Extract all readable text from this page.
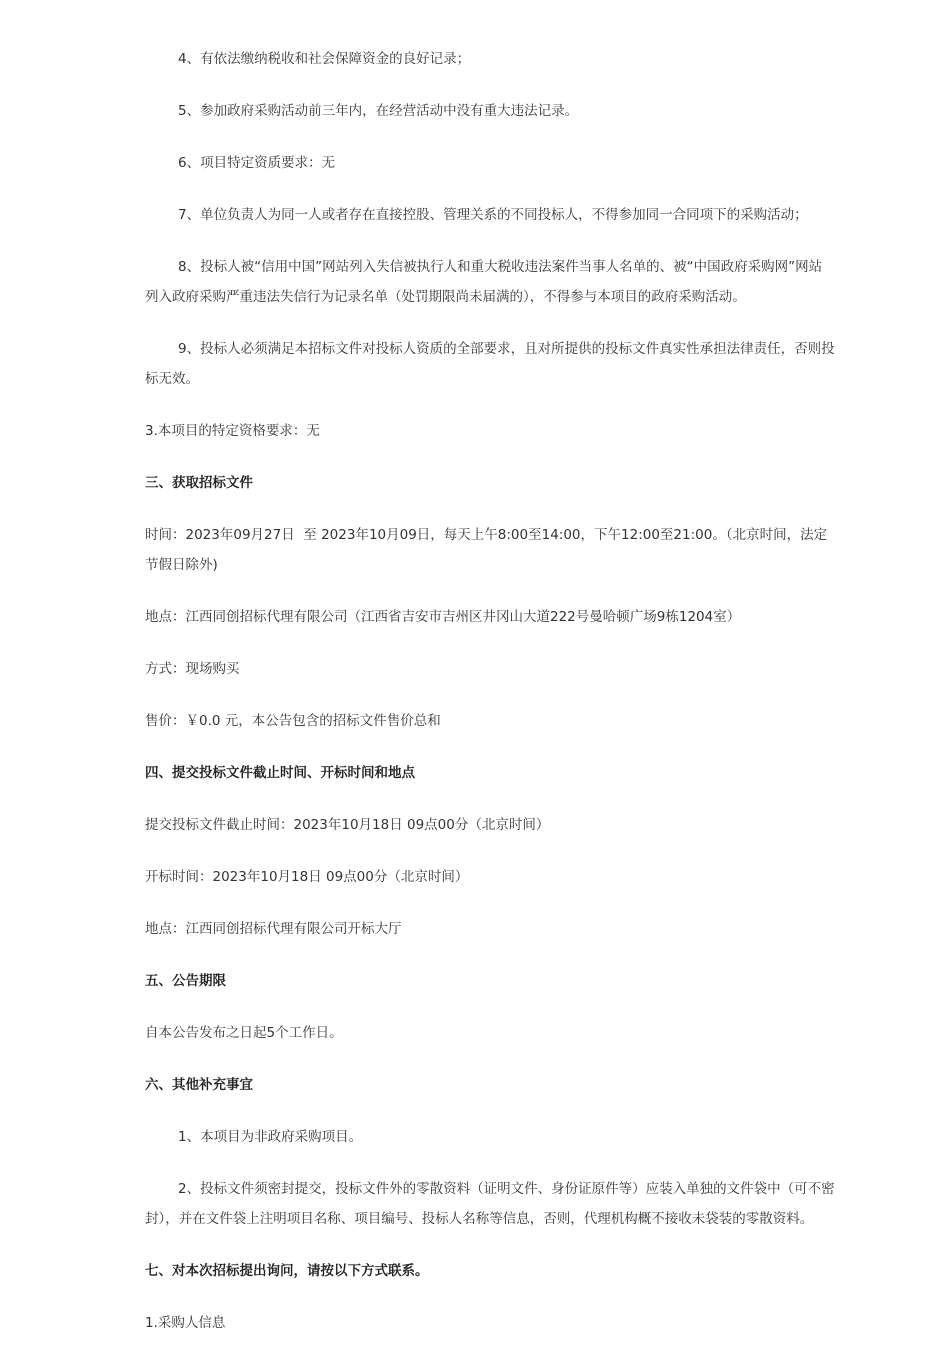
4、有依法缴纳税收和社会保障资金的良好记录；

5、参加政府采购活动前三年内，在经营活动中没有重大违法记录。

6、项目特定资质要求：无

7、单位负责人为同一人或者存在直接控股、管理关系的不同投标人，不得参加同一合同项下的采购活动；

8、投标人被“信用中国”网站列入失信被执行人和重大税收违法案件当事人名单的、被“中国政府采购网”网站列入政府采购严重违法失信行为记录名单（处罚期限尚未届满的），不得参与本项目的政府采购活动。

9、投标人必须满足本招标文件对投标人资质的全部要求，且对所提供的投标文件真实性承担法律责任，否则投标无效。

3.本项目的特定资格要求：无

三、获取招标文件

时间：2023年09月27日  至 2023年10月09日，每天上午8:00至14:00，下午12:00至21:00。（北京时间，法定节假日除外)

地点：江西同创招标代理有限公司（江西省吉安市吉州区井冈山大道222号曼哈顿广场9栋1204室）

方式：现场购买

售价：￥0.0 元，本公告包含的招标文件售价总和

四、提交投标文件截止时间、开标时间和地点

提交投标文件截止时间：2023年10月18日 09点00分（北京时间）

开标时间：2023年10月18日 09点00分（北京时间）

地点：江西同创招标代理有限公司开标大厅

五、公告期限

自本公告发布之日起5个工作日。

六、其他补充事宜

1、本项目为非政府采购项目。

2、投标文件须密封提交，投标文件外的零散资料（证明文件、身份证原件等）应装入单独的文件袋中（可不密封），并在文件袋上注明项目名称、项目编号、投标人名称等信息，否则，代理机构概不接收未袋装的零散资料。

七、对本次招标提出询问，请按以下方式联系。

1.采购人信息
